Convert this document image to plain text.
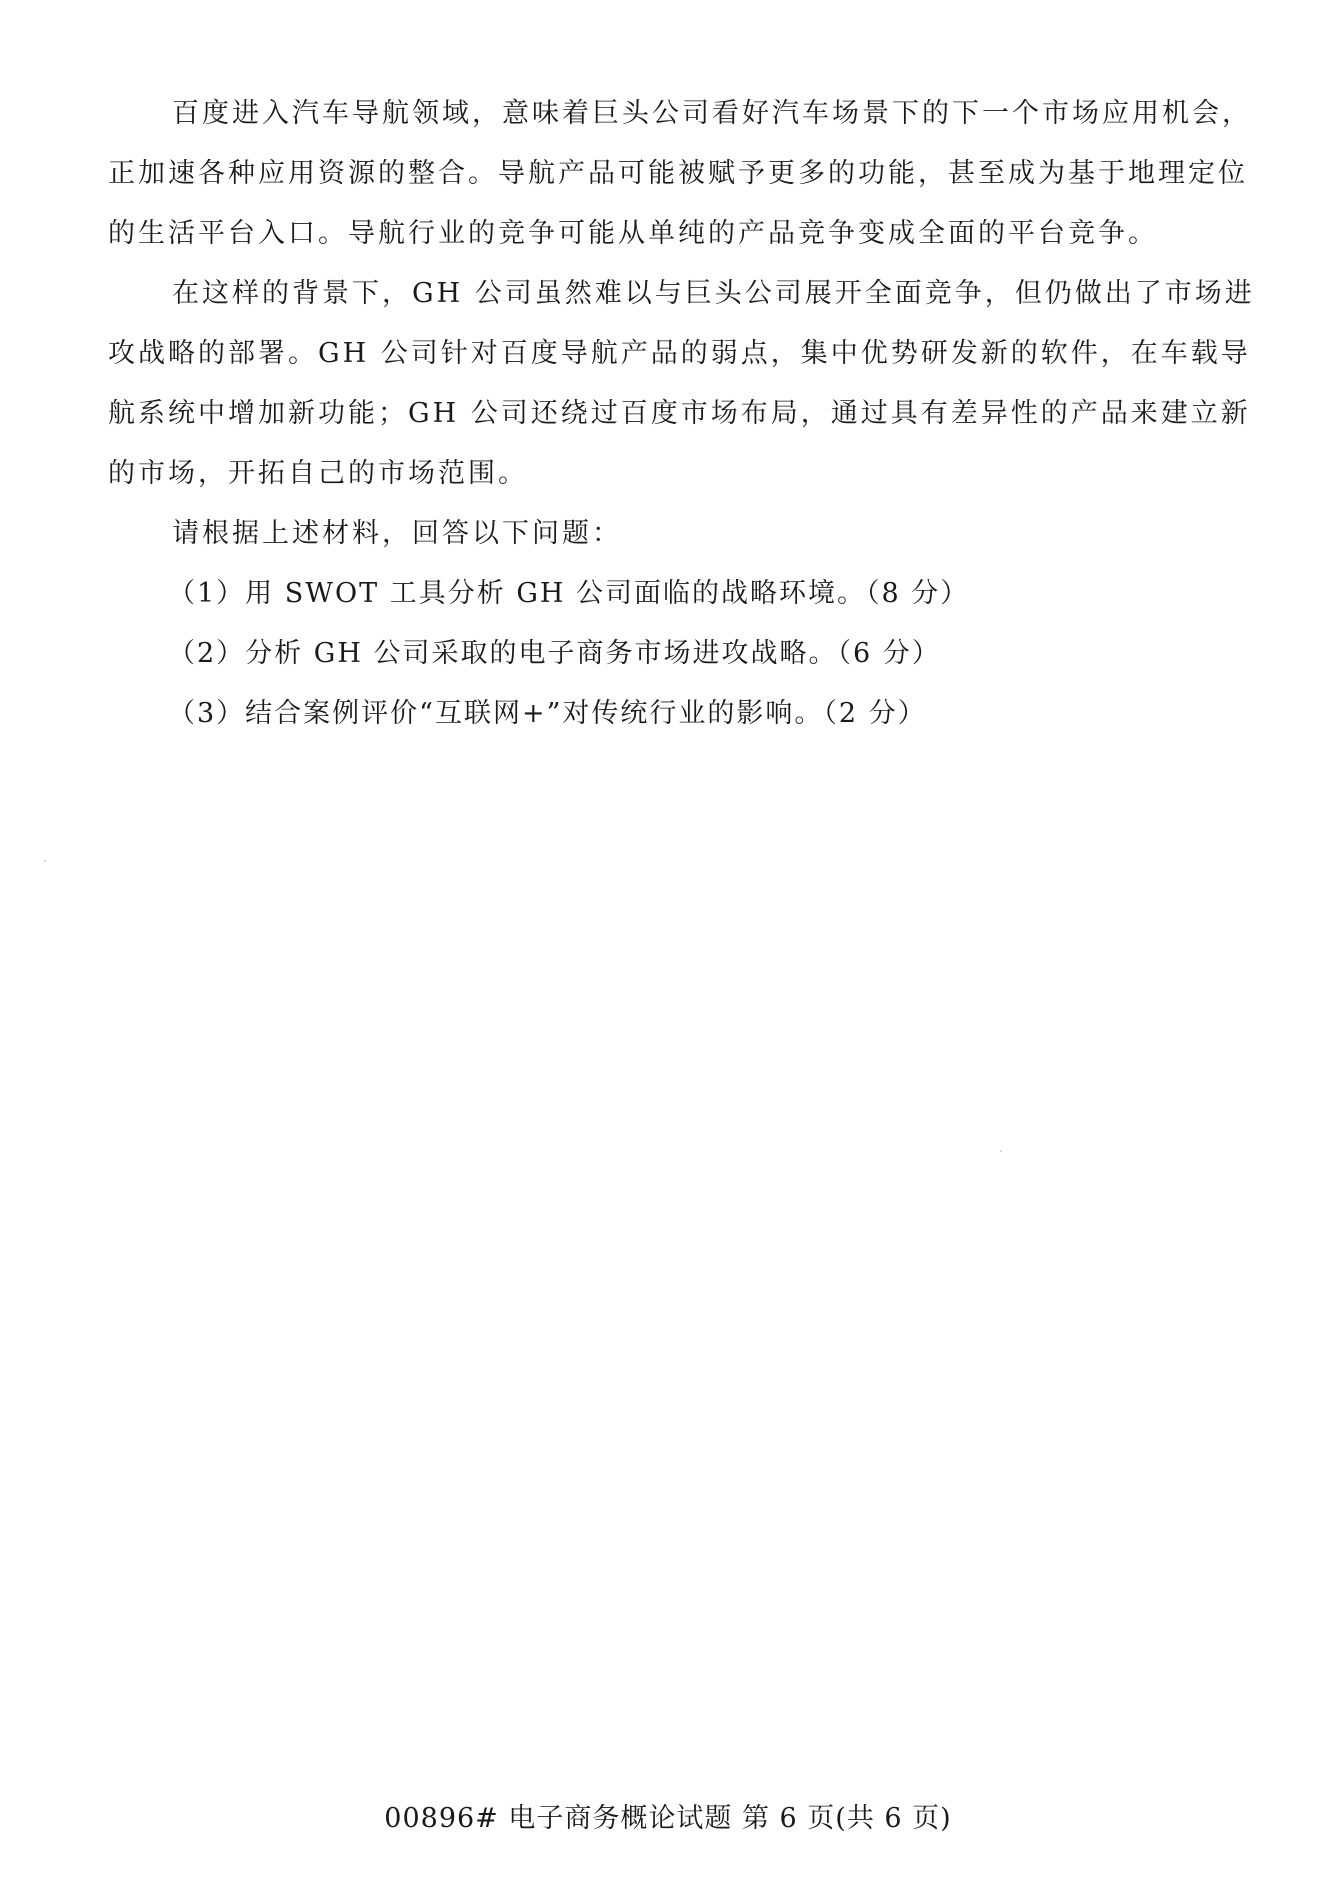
百度进入汽车导航领域，意味着巨头公司看好汽车场景下的下一个市场应用机会，
正加速各种应用资源的整合。导航产品可能被赋予更多的功能，甚至成为基于地理定位
的生活平台入口。导航行业的竞争可能从单纯的产品竞争变成全面的平台竞争。
在这样的背景下，GH 公司虽然难以与巨头公司展开全面竞争，但仍做出了市场进
攻战略的部署。GH 公司针对百度导航产品的弱点，集中优势研发新的软件，在车载导
航系统中增加新功能；GH 公司还绕过百度市场布局，通过具有差异性的产品来建立新
的市场，开拓自己的市场范围。

请根据上述材料，回答以下问题：

（1）用 SWOT 工具分析 GH 公司面临的战略环境。（8 分）

（2）分析 GH 公司采取的电子商务市场进攻战略。（6 分）

（3）结合案例评价“互联网+”对传统行业的影响。（2 分）

00896# 电子商务概论试题 第 6 页(共 6 页)
